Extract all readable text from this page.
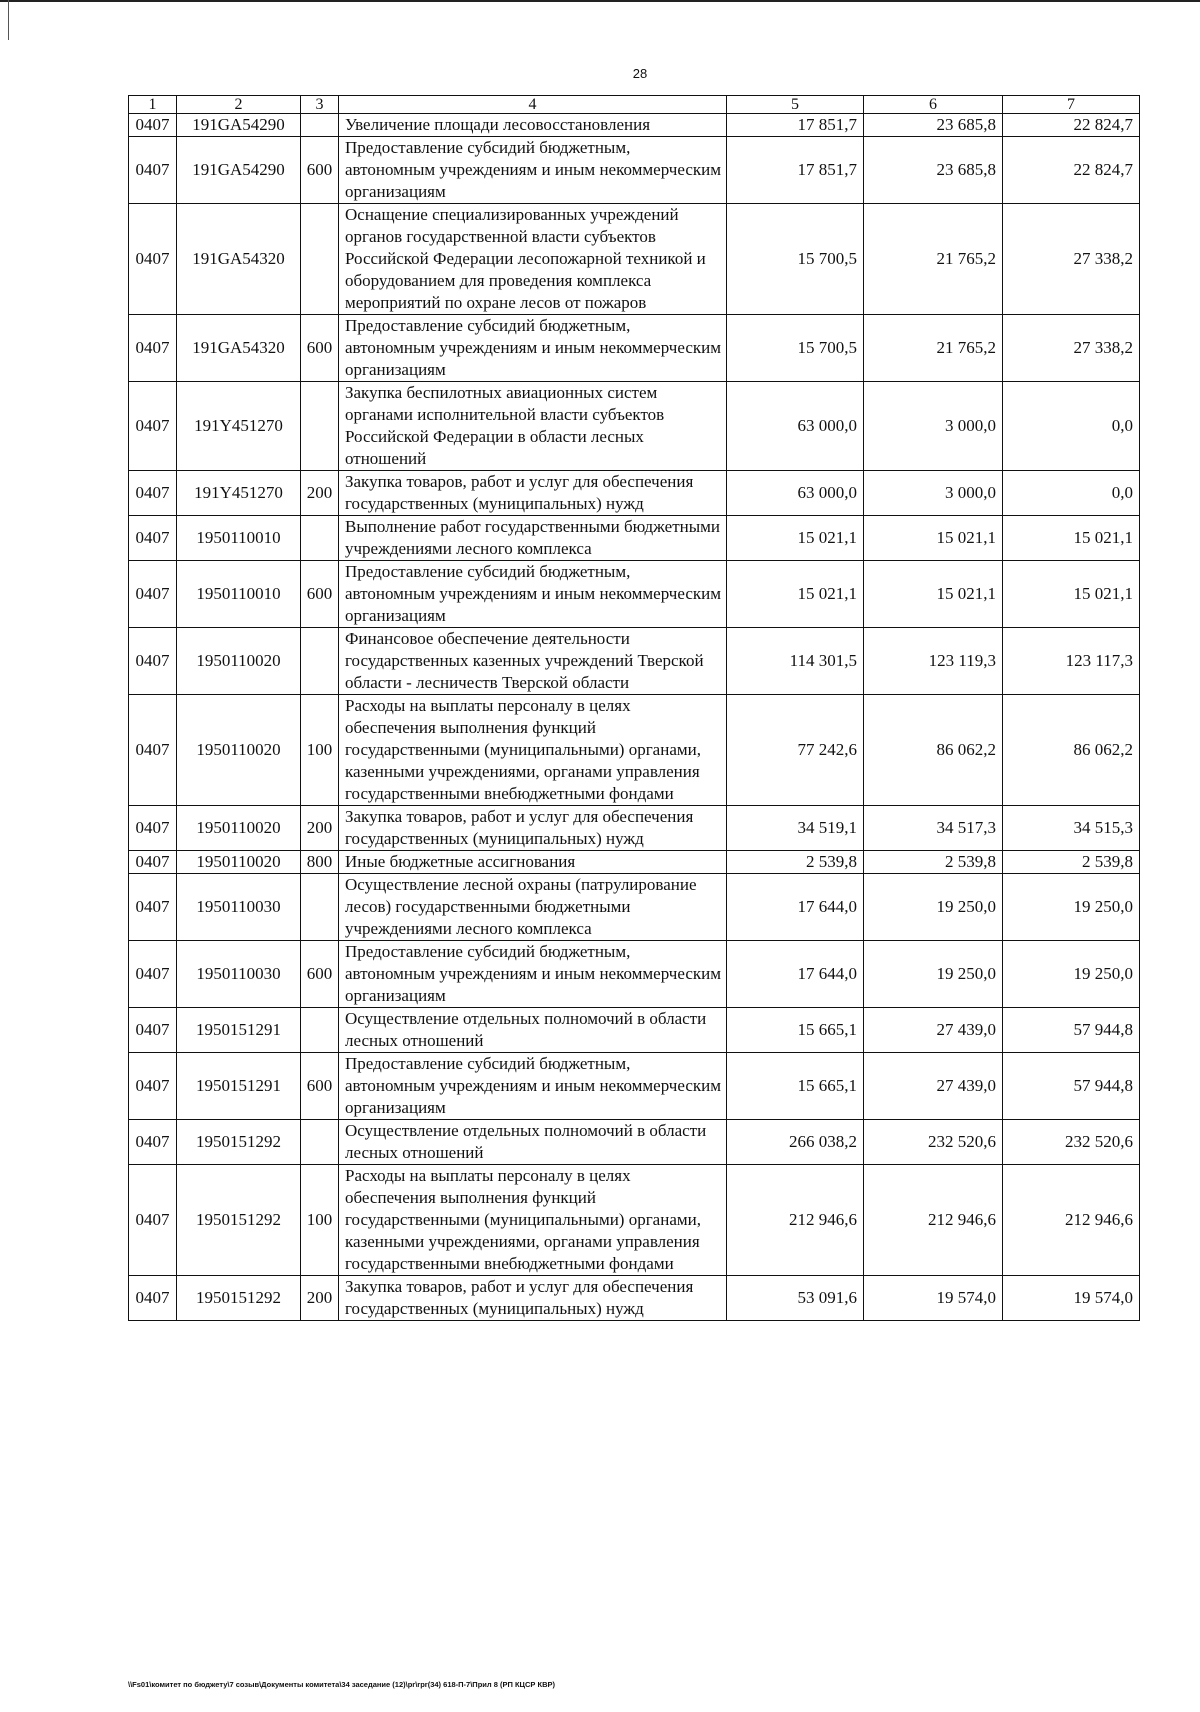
28
1	2	3	4	5	6	7
0407	191GA54290		Увеличение площади лесовосстановления	17 851,7	23 685,8	22 824,7
0407	191GA54290	600	Предоставление субсидий бюджетным, автономным учреждениям и иным некоммерческим организациям	17 851,7	23 685,8	22 824,7
0407	191GA54320		Оснащение специализированных учреждений органов государственной власти субъектов Российской Федерации лесопожарной техникой и оборудованием для проведения комплекса мероприятий по охране лесов от пожаров	15 700,5	21 765,2	27 338,2
0407	191GA54320	600	Предоставление субсидий бюджетным, автономным учреждениям и иным некоммерческим организациям	15 700,5	21 765,2	27 338,2
0407	191Y451270		Закупка беспилотных авиационных систем органами исполнительной власти субъектов Российской Федерации в области лесных отношений	63 000,0	3 000,0	0,0
0407	191Y451270	200	Закупка товаров, работ и услуг для обеспечения государственных (муниципальных) нужд	63 000,0	3 000,0	0,0
0407	1950110010		Выполнение работ государственными бюджетными учреждениями лесного комплекса	15 021,1	15 021,1	15 021,1
0407	1950110010	600	Предоставление субсидий бюджетным, автономным учреждениям и иным некоммерческим организациям	15 021,1	15 021,1	15 021,1
0407	1950110020		Финансовое обеспечение деятельности государственных казенных учреждений Тверской области - лесничеств Тверской области	114 301,5	123 119,3	123 117,3
0407	1950110020	100	Расходы на выплаты персоналу в целях обеспечения выполнения функций государственными (муниципальными) органами, казенными учреждениями, органами управления государственными внебюджетными фондами	77 242,6	86 062,2	86 062,2
0407	1950110020	200	Закупка товаров, работ и услуг для обеспечения государственных (муниципальных) нужд	34 519,1	34 517,3	34 515,3
0407	1950110020	800	Иные бюджетные ассигнования	2 539,8	2 539,8	2 539,8
0407	1950110030		Осуществление лесной охраны (патрулирование лесов) государственными бюджетными учреждениями лесного комплекса	17 644,0	19 250,0	19 250,0
0407	1950110030	600	Предоставление субсидий бюджетным, автономным учреждениям и иным некоммерческим организациям	17 644,0	19 250,0	19 250,0
0407	1950151291		Осуществление отдельных полномочий в области лесных отношений	15 665,1	27 439,0	57 944,8
0407	1950151291	600	Предоставление субсидий бюджетным, автономным учреждениям и иным некоммерческим организациям	15 665,1	27 439,0	57 944,8
0407	1950151292		Осуществление отдельных полномочий в области лесных отношений	266 038,2	232 520,6	232 520,6
0407	1950151292	100	Расходы на выплаты персоналу в целях обеспечения выполнения функций государственными (муниципальными) органами, казенными учреждениями, органами управления государственными внебюджетными фондами	212 946,6	212 946,6	212 946,6
0407	1950151292	200	Закупка товаров, работ и услуг для обеспечения государственных (муниципальных) нужд	53 091,6	19 574,0	19 574,0
\\Fs01\комитет по бюджету\7 созыв\Документы комитета\34 заседание (12)\pr\rpr(34) 618-П-7\Прил 8 (РП КЦСР КВР)
